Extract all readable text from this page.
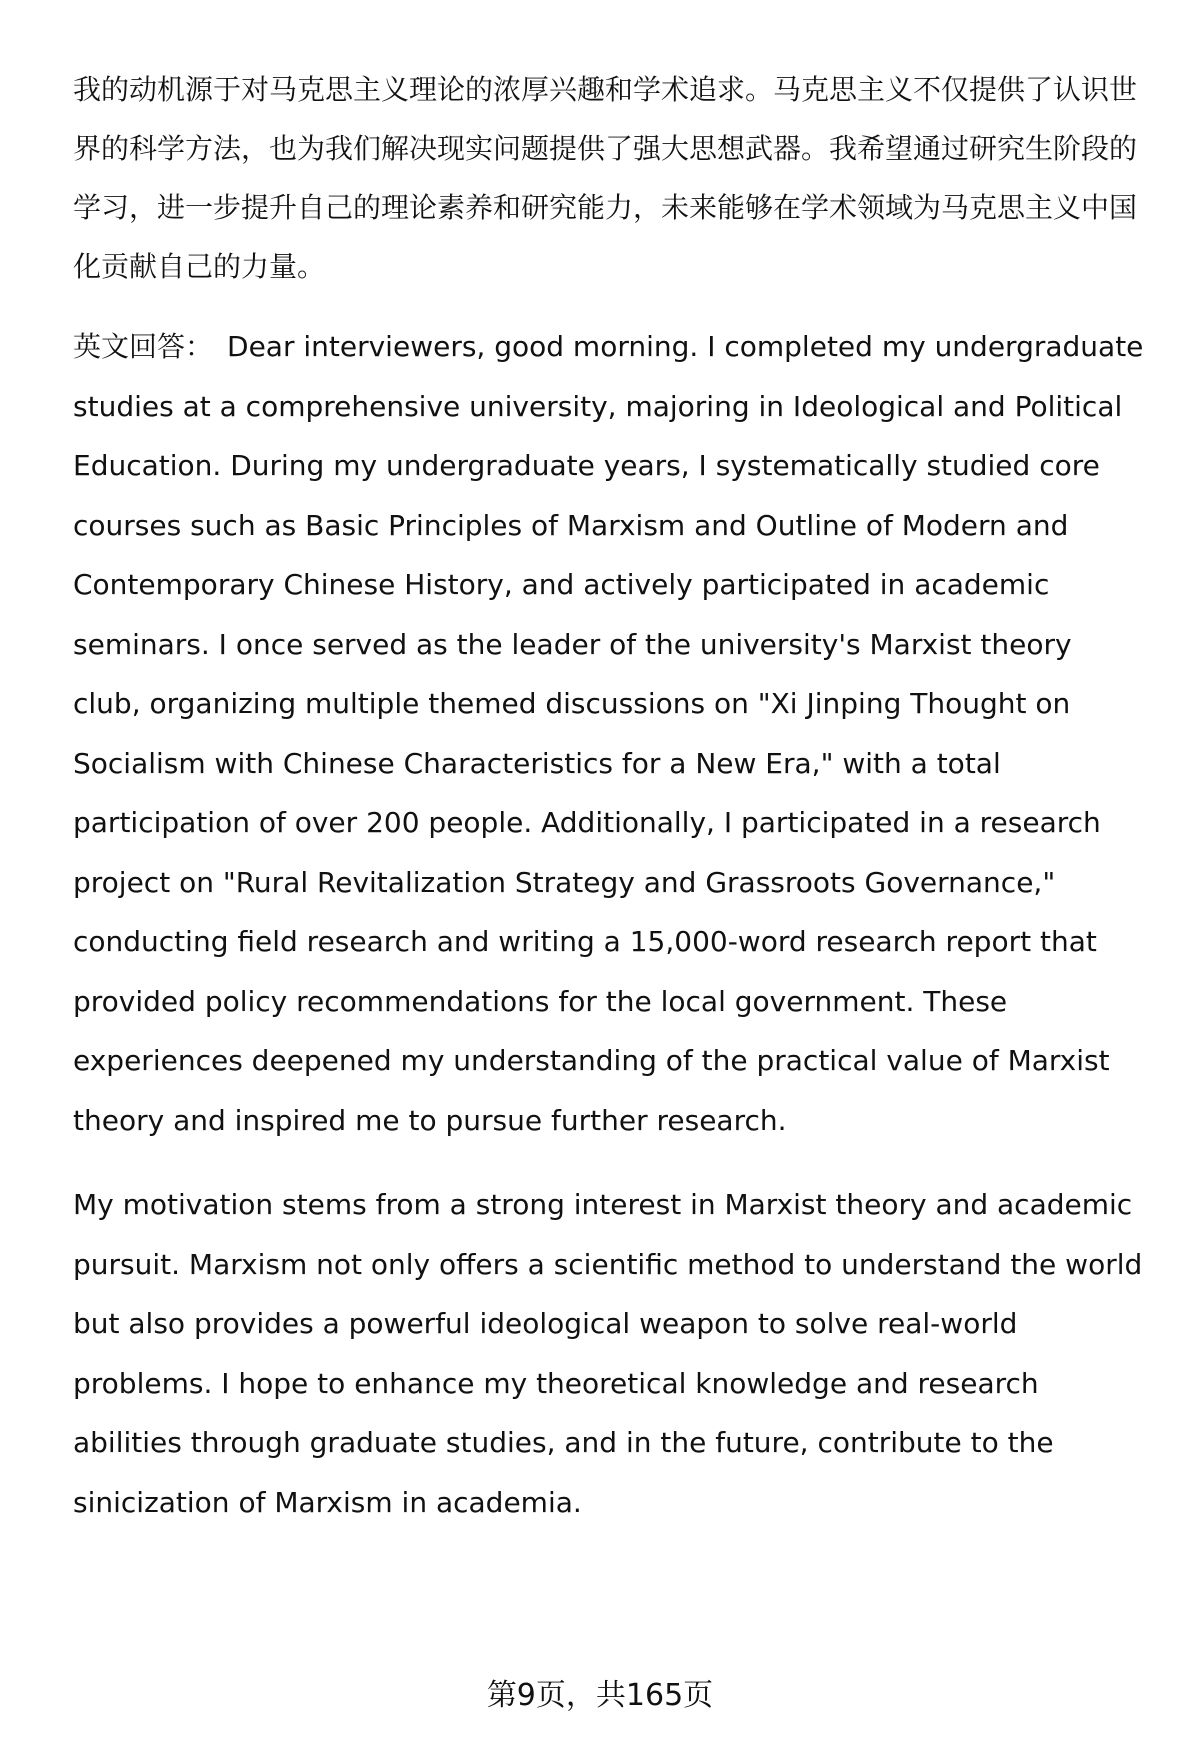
我的动机源于对马克思主义理论的浓厚兴趣和学术追求。马克思主义不仅提供了认识世界的科学方法，也为我们解决现实问题提供了强大思想武器。我希望通过研究生阶段的学习，进一步提升自己的理论素养和研究能力，未来能够在学术领域为马克思主义中国化贡献自己的力量。

英文回答： Dear interviewers, good morning. I completed my undergraduate studies at a comprehensive university, majoring in Ideological and Political Education. During my undergraduate years, I systematically studied core courses such as Basic Principles of Marxism and Outline of Modern and Contemporary Chinese History, and actively participated in academic seminars. I once served as the leader of the university's Marxist theory club, organizing multiple themed discussions on "Xi Jinping Thought on Socialism with Chinese Characteristics for a New Era," with a total participation of over 200 people. Additionally, I participated in a research project on "Rural Revitalization Strategy and Grassroots Governance," conducting field research and writing a 15,000-word research report that provided policy recommendations for the local government. These experiences deepened my understanding of the practical value of Marxist theory and inspired me to pursue further research.

My motivation stems from a strong interest in Marxist theory and academic pursuit. Marxism not only offers a scientific method to understand the world but also provides a powerful ideological weapon to solve real-world problems. I hope to enhance my theoretical knowledge and research abilities through graduate studies, and in the future, contribute to the sinicization of Marxism in academia.

第9页，共165页
